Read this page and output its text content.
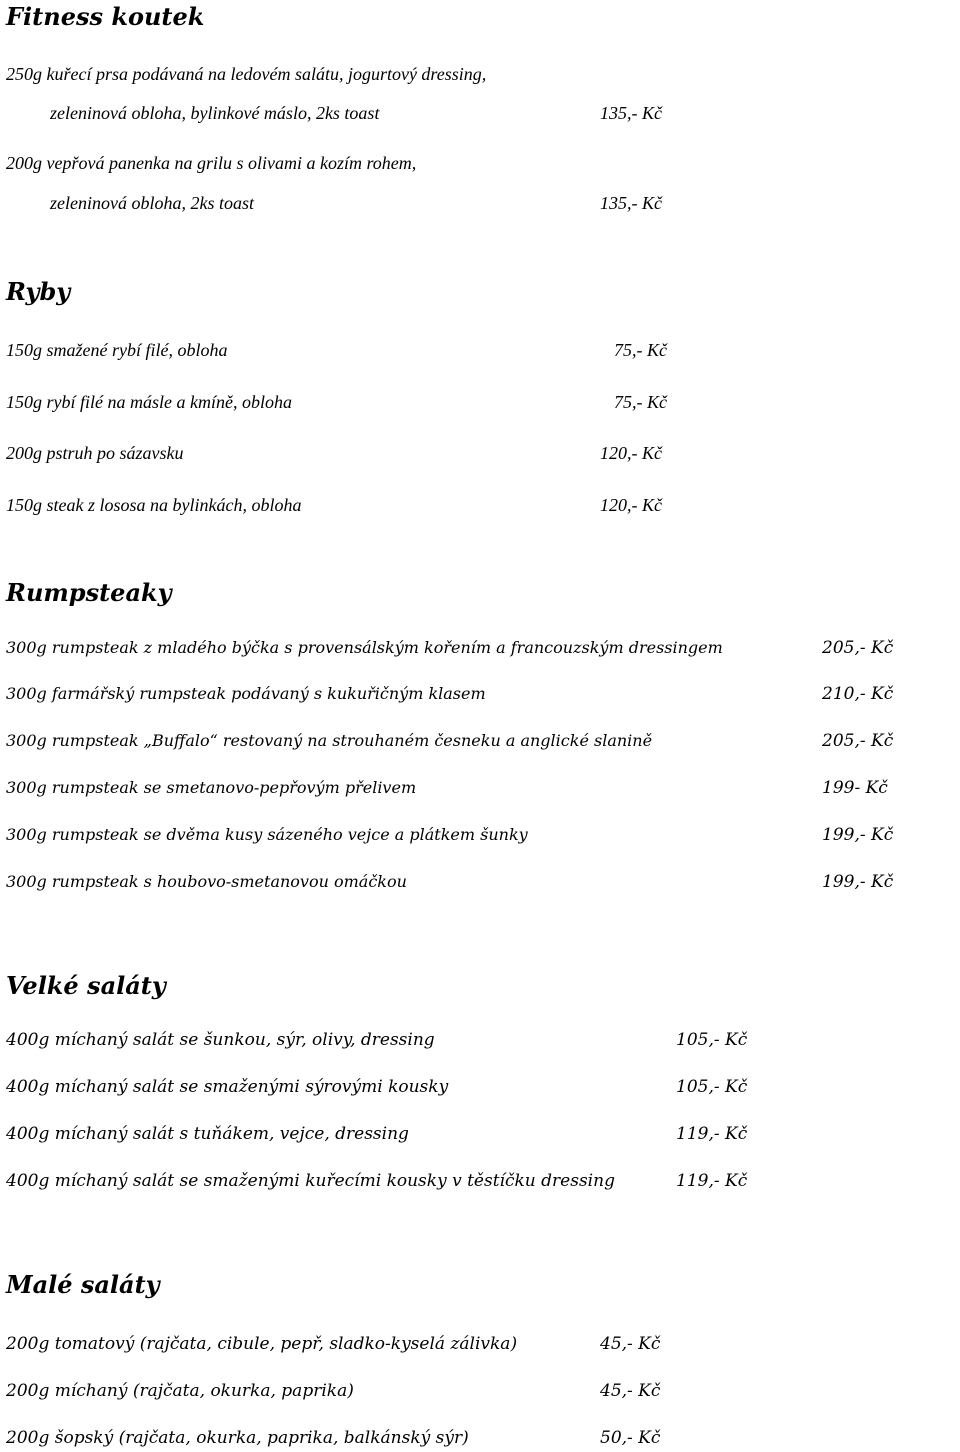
Fitness koutek
250g kuřecí prsa podávaná na ledovém salátu, jogurtový dressing,
zeleninová obloha, bylinkové máslo, 2ks toast	135,- Kč
200g vepřová panenka na grilu s olivami a kozím rohem,
zeleninová obloha, 2ks toast	135,- Kč
Ryby
150g smažené rybí filé, obloha	75,- Kč
150g rybí filé na másle a kmíně, obloha	75,- Kč
200g pstruh po sázavsku	120,- Kč
150g steak z lososa na bylinkách, obloha	120,- Kč
Rumpsteaky
300g rumpsteak z mladého býčka s provensálským kořením a francouzským dressingem	205,- Kč
300g farmářský rumpsteak podávaný s kukuřičným klasem	210,- Kč
300g rumpsteak „Buffalo“ restovaný na strouhaném česneku a anglické slanině	205,- Kč
300g rumpsteak se smetanovo-pepřovým přelivem	199- Kč
300g rumpsteak se dvěma kusy sázeného vejce a plátkem šunky	199,- Kč
300g rumpsteak s houbovo-smetanovou omáčkou	199,- Kč
Velké saláty
400g míchaný salát se šunkou, sýr, olivy, dressing	105,- Kč
400g míchaný salát se smaženými sýrovými kousky	105,- Kč
400g míchaný salát s tuňákem, vejce, dressing	119,- Kč
400g míchaný salát se smaženými kuřecími kousky v těstíčku dressing	119,- Kč
Malé saláty
200g tomatový (rajčata, cibule, pepř, sladko-kyselá zálivka)	45,- Kč
200g míchaný (rajčata, okurka, paprika)	45,- Kč
200g šopský (rajčata, okurka, paprika, balkánský sýr)	50,- Kč
